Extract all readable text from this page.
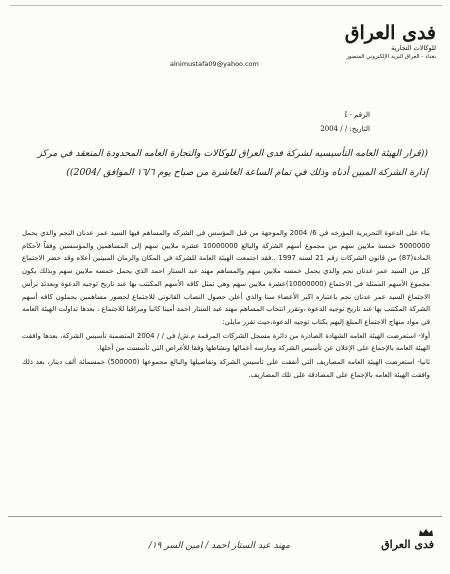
فدى العراق
للوكالات التجارية
بغداد - العراق البريد الإلكتروني المنصور
alnimustafa09@yahoo.com
الرقم - I
التاريخ: / / 2004
((قرار الهيئة العامه التأسيسيه لشركة فدى العراق للوكالات والتجارة العامه المحدودة المنعقد في مركز إدارة الشركة المبين أدناه وذلك في تمام الساعة العاشرة من صباح يوم ١٦/٦ الموافق /2004))

بناء على الدعوة التحريرية المؤرخه في 6/ 2004 والموجهة من قبل المؤسس في الشركه والمساهم فيها السيد عمر عدنان النجم والذي يحمل 5000000 خمسة ملايين سهم من مجموع أسهم الشركة والبالغ 10000000 عشره ملايين سهم إلى المساهمين والمؤسسين وفقاً لأحكام المادة(87) من قانون الشركات رقم 21 لسنه 1997 ..فقد اجتمعت الهيئة العامة للشركة في المكان والزمان المبينين أعلاه وقد حضر الاجتماع كل من السيد عمر عدنان نجم والذي يحمل خمسه ملايين سهم والمساهم مهند عبد الستار احمد الذي يحمل خمسه ملايين سهم وبذلك يكون مجموع الأسهم الممثلة في الاجتماع (10000000)عشرة ملايين سهم وهي تمثل كافه الأسهم المكتتب بها عند تاريخ توجيه الدعوة وبعدئذ ترأس الاجتماع السيد عمر عدنان نجم باعتباره اكبر الأعضاء سنا والذي أعلن حصول النصاب القانوني للاجتماع لحضور مساهمين يحملون كافه أسهم الشركة المكتتب بها عند تاريخ توجيه الدعوة ،وتقرر انتخاب المساهم مهند عبد الستار احمد أمينا كاتبا ومراقبا للاجتماع ، بعدها تداولت الهيئة العامه في مواد منهاج الاجتماع المبلغ إليهم بكتاب توجيه الدعوة،حيث تقرر مايلي:

أولا- استعرضت الهيئة العامه الشهادة الصادرة من دائرة مسجل الشركات المرقمة م.ش/ في / / 2004 المتضمنة تأسيس الشركة، بعدها وافقت الهيئة العامه بالإجماع على الإعلان عن تأسيس الشركة ومارسه أعمالها ونشاطها وفقا للأغراض التي تأسست من أجلها.

ثانيا- استعرضت الهيئة العامه المصاريف التي أنفقت على تأسيس الشركة وتفاصيلها والبالغ مجموعها (500000) خمسمائة ألف دينار، بعد ذلك وافقت الهيئة العامه بالإجماع على المصادقة على تلك المصاريف.

فدى العراق
مهند عبد الستار احمد / امين السر ١٩/
